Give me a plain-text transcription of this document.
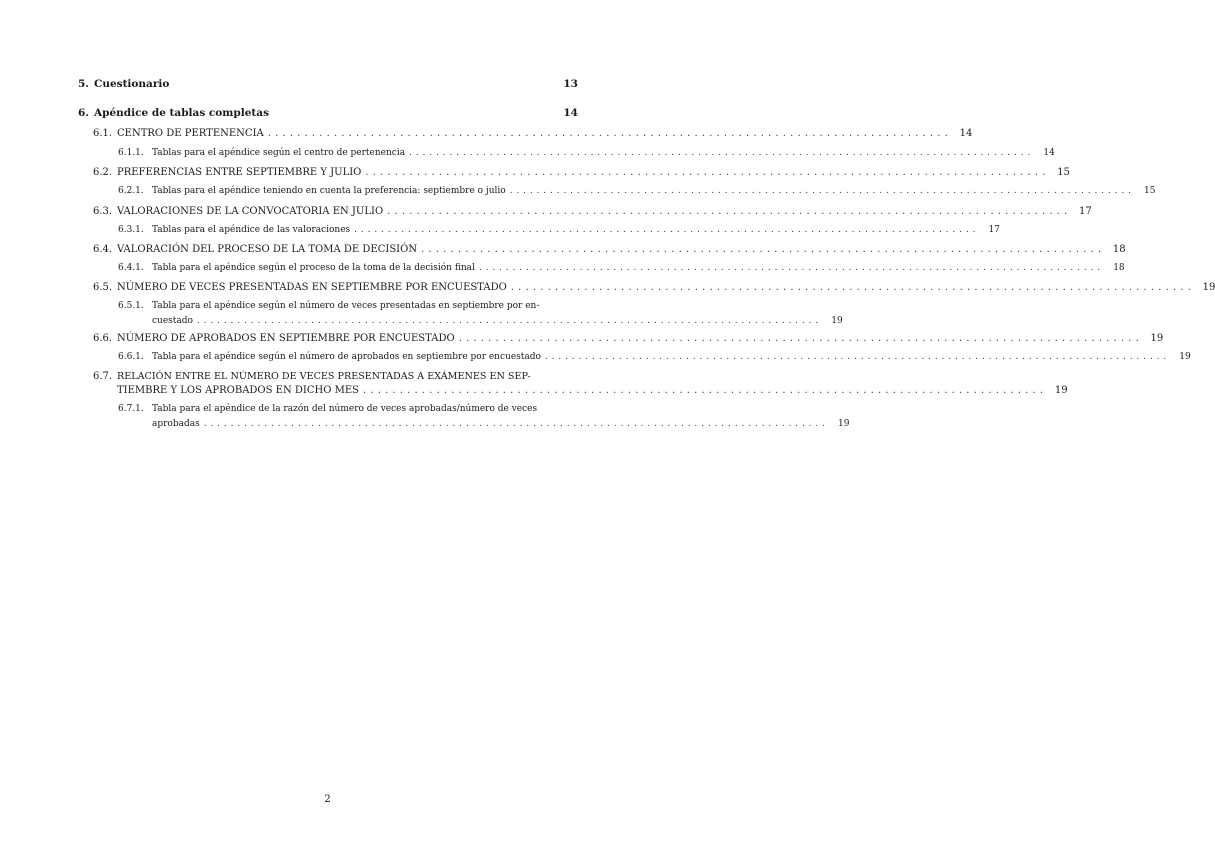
5. Cuestionario	13
6. Apéndice de tablas completas	14
6.1. CENTRO DE PERTENENCIA . . .	14
6.1.1. Tablas para el apéndice según el centro de pertenencia . . .	14
6.2. PREFERENCIAS ENTRE SEPTIEMBRE Y JULIO . . .	15
6.2.1. Tablas para el apéndice teniendo en cuenta la preferencia: septiembre o julio . . .	15
6.3. VALORACIONES DE LA CONVOCATORIA EN JULIO . . .	17
6.3.1. Tablas para el apéndice de las valoraciones . . .	17
6.4. VALORACIÓN DEL PROCESO DE LA TOMA DE DECISIÓN . . .	18
6.4.1. Tabla para el apéndice según el proceso de la toma de la decisión final . . .	18
6.5. NÚMERO DE VECES PRESENTADAS EN SEPTIEMBRE POR ENCUESTADO . . .	19
6.5.1. Tabla para el apéndice según el número de veces presentadas en septiembre por en-
cuestado . . .	19
6.6. NÚMERO DE APROBADOS EN SEPTIEMBRE POR ENCUESTADO . . .	19
6.6.1. Tabla para el apéndice según el número de aprobados en septiembre por encuestado . . .	19
6.7. RELACIÓN ENTRE EL NÚMERO DE VECES PRESENTADAS A EXÁMENES EN SEP-
TIEMBRE Y LOS APROBADOS EN DICHO MES . . .	19
6.7.1. Tabla para el apéndice de la razón del número de veces aprobadas/número de veces
aprobadas . . .	19
2
